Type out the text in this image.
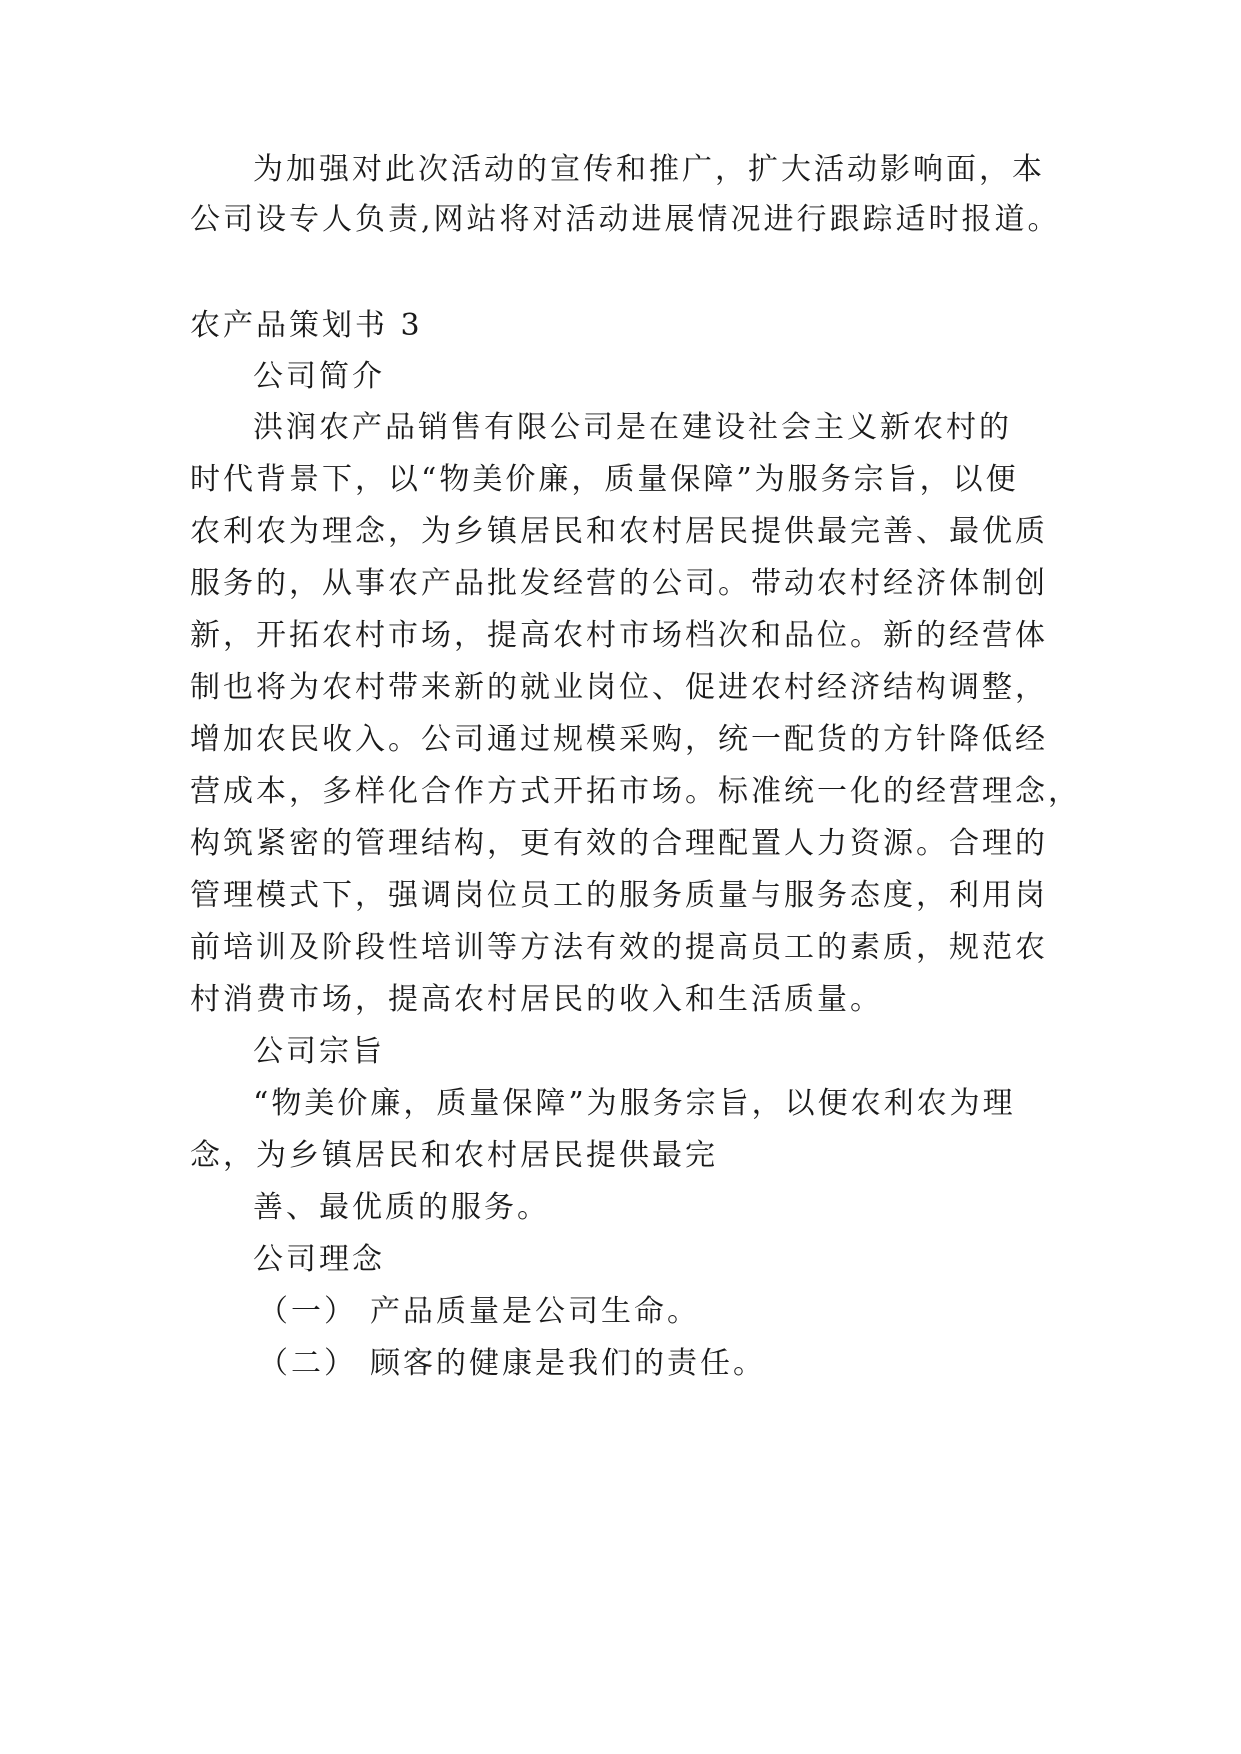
为加强对此次活动的宣传和推广，扩大活动影响面，本
公司设专人负责,网站将对活动进展情况进行跟踪适时报道。
农产品策划书 3
公司简介
洪润农产品销售有限公司是在建设社会主义新农村的
时代背景下，以“物美价廉，质量保障”为服务宗旨，以便
农利农为理念，为乡镇居民和农村居民提供最完善、最优质
服务的，从事农产品批发经营的公司。带动农村经济体制创
新，开拓农村市场，提高农村市场档次和品位。新的经营体
制也将为农村带来新的就业岗位、促进农村经济结构调整，
增加农民收入。公司通过规模采购，统一配货的方针降低经
营成本，多样化合作方式开拓市场。标准统一化的经营理念，
构筑紧密的管理结构，更有效的合理配置人力资源。合理的
管理模式下，强调岗位员工的服务质量与服务态度，利用岗
前培训及阶段性培训等方法有效的提高员工的素质，规范农
村消费市场，提高农村居民的收入和生活质量。
公司宗旨
“物美价廉，质量保障”为服务宗旨，以便农利农为理
念，为乡镇居民和农村居民提供最完
善、最优质的服务。
公司理念
（一） 产品质量是公司生命。
（二） 顾客的健康是我们的责任。
